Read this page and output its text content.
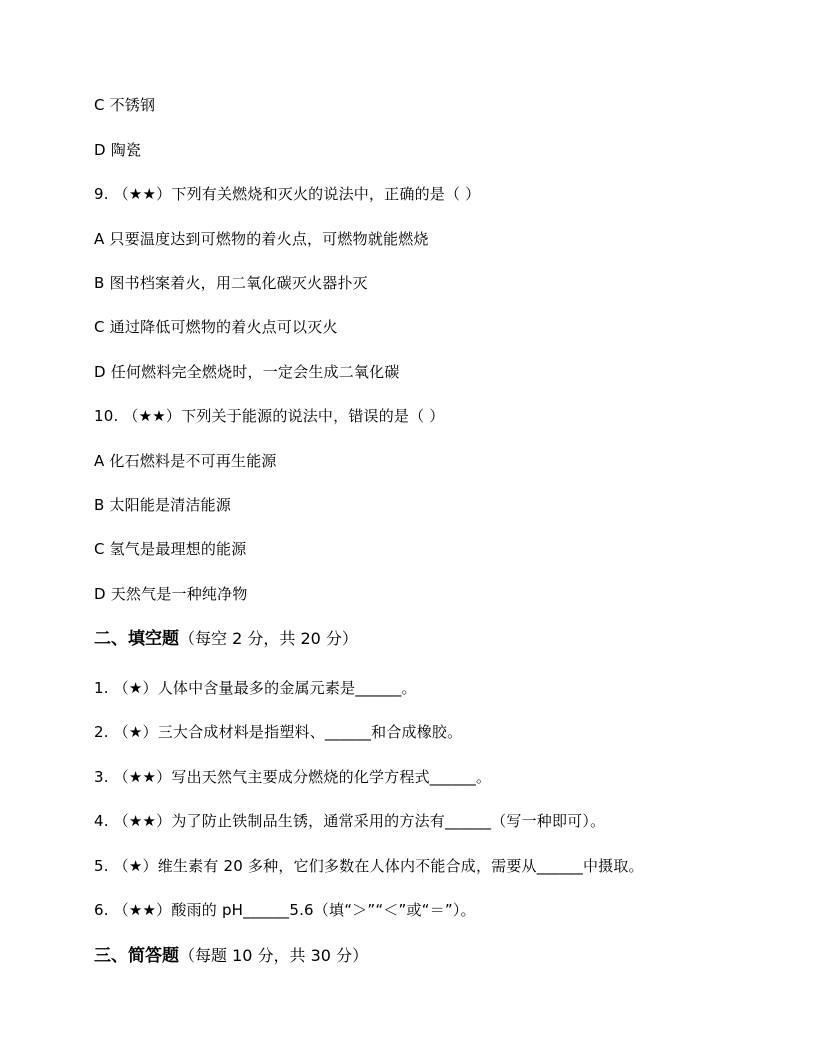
C 不锈钢
D 陶瓷
9. （★★）下列有关燃烧和灭火的说法中，正确的是（ ）
A 只要温度达到可燃物的着火点，可燃物就能燃烧
B 图书档案着火，用二氧化碳灭火器扑灭
C 通过降低可燃物的着火点可以灭火
D 任何燃料完全燃烧时，一定会生成二氧化碳
10. （★★）下列关于能源的说法中，错误的是（ ）
A 化石燃料是不可再生能源
B 太阳能是清洁能源
C 氢气是最理想的能源
D 天然气是一种纯净物
二、填空题（每空 2 分，共 20 分）
1. （★）人体中含量最多的金属元素是______。
2. （★）三大合成材料是指塑料、______和合成橡胶。
3. （★★）写出天然气主要成分燃烧的化学方程式______。
4. （★★）为了防止铁制品生锈，通常采用的方法有______（写一种即可）。
5. （★）维生素有 20 多种，它们多数在人体内不能合成，需要从______中摄取。
6. （★★）酸雨的 pH______5.6（填“＞”“＜”或“＝”）。
三、简答题（每题 10 分，共 30 分）
